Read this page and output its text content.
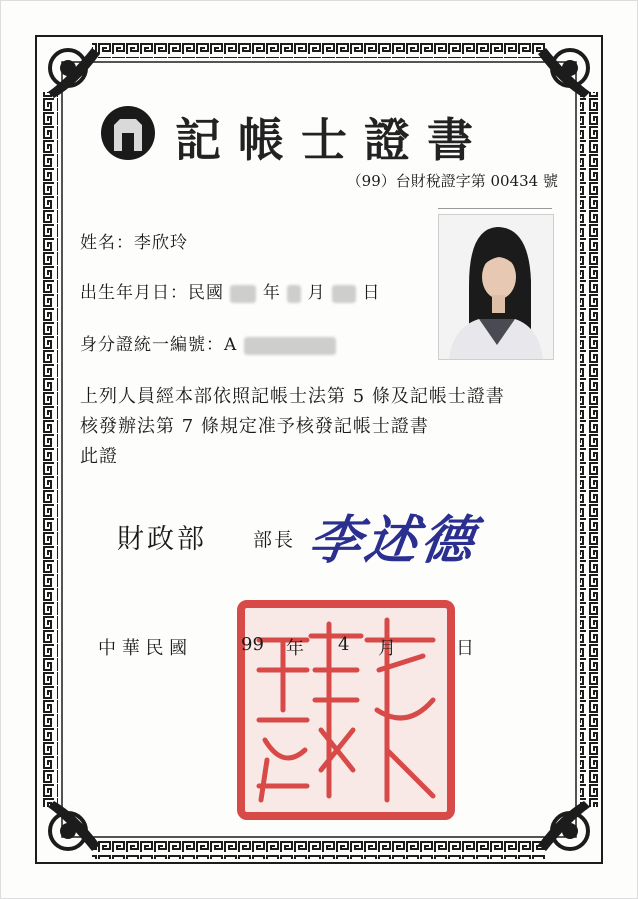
記帳士證書
（99）台財稅證字第 00434 號
姓名：李欣玲
出生年月日：民國 年 月 日
身分證統一編號：A
上列人員經本部依照記帳士法第 5 條及記帳士證書
核發辦法第 7 條規定准予核發記帳士證書
此證
財政部 部長 李述德
中 華 民 國	99 年 4 月	日
